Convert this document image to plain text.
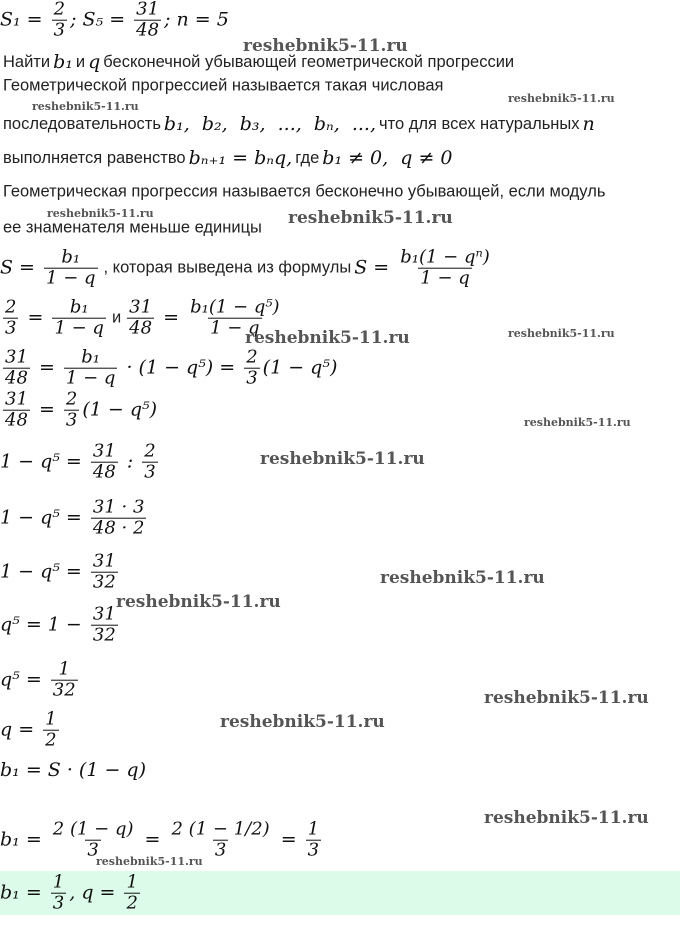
$S_1 = \frac{2}{3}$ ; $S_5 = \frac{31}{48}$ ; n = 5
Найти b₁ и q бесконечной убывающей геометрической прогрессии
Геометрической прогрессией называется такая числовая
последовательность b₁,  b₂,  b₃,  ...,  bₙ,  ..., что для всех натуральных n
выполняется равенство bₙ₊₁ = bₙq, где b₁ ≠ 0,  q ≠ 0
Геометрическая прогрессия называется бесконечно убывающей, если модуль
ее знаменателя меньше единицы
$S = \frac{\text{b₁}}{1 - q}$ , которая выведена из формулы $S = \frac{\text{b₁(1 − qⁿ)}}{1 - q}$
$\frac{2}{3} = \frac{\text{b₁}}{1 - q}$ и $\frac{31}{48} = \frac{\text{b₁(1 − q⁵)}}{1 - q}$
$\frac{31}{48} = \frac{\text{b₁}}{1 - q} \cdot (1 - q^5) = \frac{2}{3} (1 - q^5)$
$\frac{31}{48} = \frac{2}{3} (1 - q^5)$
$1 - q^5 = \frac{31}{48}$ : $\frac{2}{3}$
$1 - q^5 = \frac{31 \cdot 3}{48 \cdot 2}$
$1 - q^5 = \frac{31}{32}$
$q^5 = 1 - \frac{31}{32}$
$q^5 = \frac{1}{32}$
$q = \frac{1}{2}$
b₁ = S · (1 − q)
$b_1 = \frac{2 (1 - q)}{3} = \frac{2 (1 - 1/2)}{3} = \frac{1}{3}$
$b_1 = \frac{1}{3}$ , $q = \frac{1}{2}$
reshebnik5-11.ru
reshebnik5-11.ru
reshebnik5-11.ru
reshebnik5-11.ru	reshebnik5-11.ru
reshebnik5-11.ru	reshebnik5-11.ru
reshebnik5-11.ru
reshebnik5-11.ru
reshebnik5-11.ru
reshebnik5-11.ru
reshebnik5-11.ru
reshebnik5-11.ru
reshebnik5-11.ru
reshebnik5-11.ru
